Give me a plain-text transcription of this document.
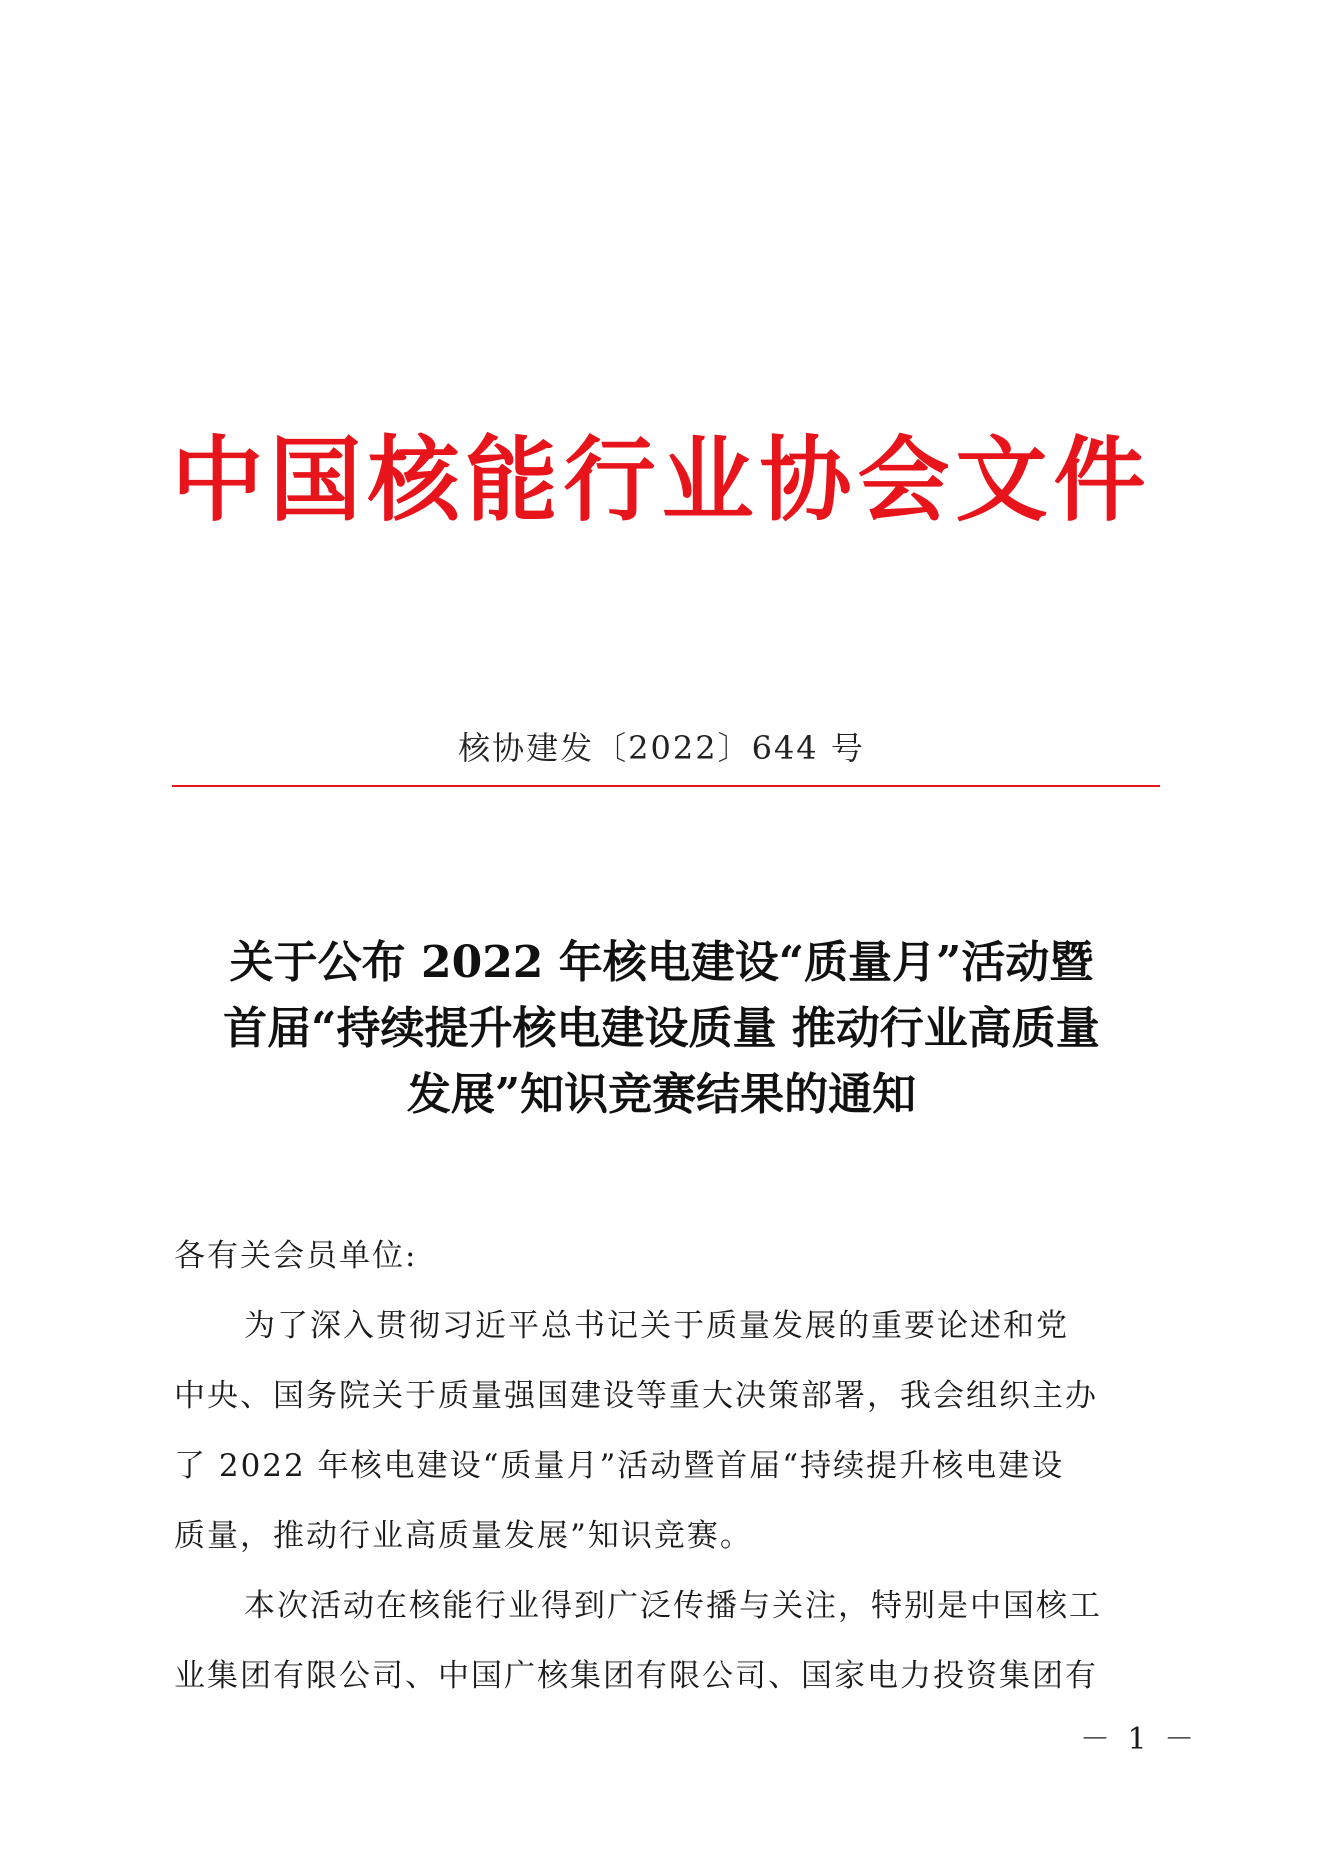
中国核能行业协会文件
核协建发〔2022〕644 号
关于公布 2022 年核电建设“质量月”活动暨
首届“持续提升核电建设质量 推动行业高质量
发展”知识竞赛结果的通知
各有关会员单位:
为了深入贯彻习近平总书记关于质量发展的重要论述和党
中央、国务院关于质量强国建设等重大决策部署，我会组织主办
了 2022 年核电建设“质量月”活动暨首届“持续提升核电建设
质量，推动行业高质量发展”知识竞赛。
本次活动在核能行业得到广泛传播与关注，特别是中国核工
业集团有限公司、中国广核集团有限公司、国家电力投资集团有
－ 1 －
